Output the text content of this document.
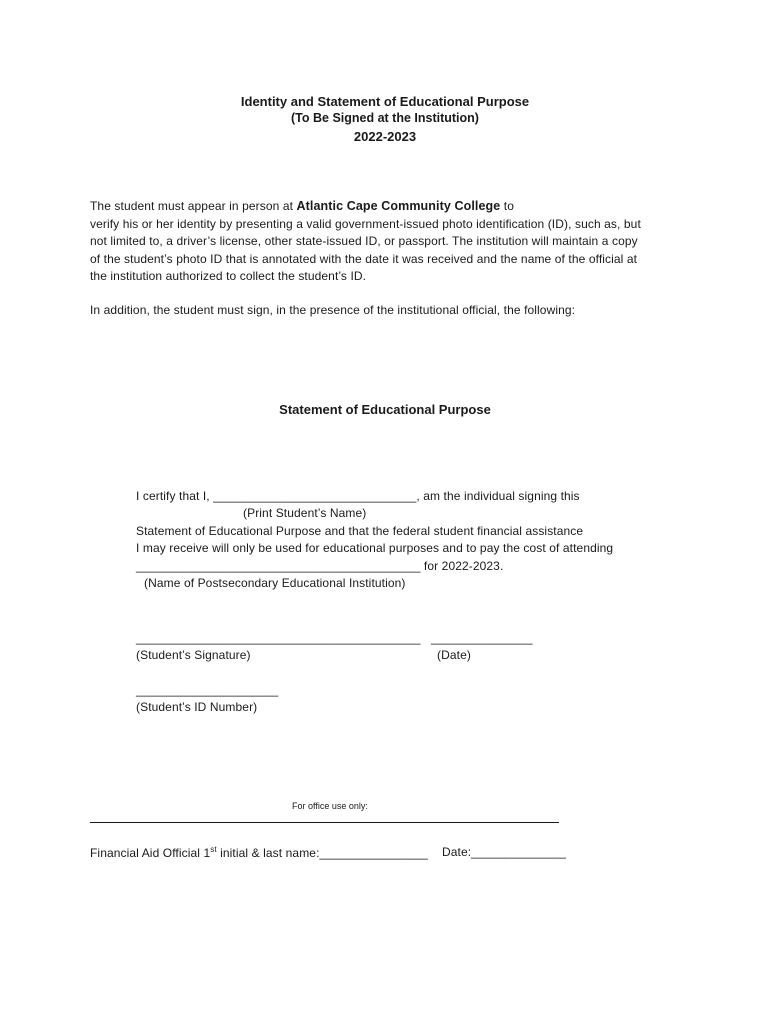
Identity and Statement of Educational Purpose
(To Be Signed at the Institution)
2022-2023
The student must appear in person at Atlantic Cape Community College to
verify his or her identity by presenting a valid government-issued photo identification (ID), such as, but
not limited to, a driver’s license, other state-issued ID, or passport. The institution will maintain a copy
of the student’s photo ID that is annotated with the date it was received and the name of the official at
the institution authorized to collect the student’s ID.
In addition, the student must sign, in the presence of the institutional official, the following:
Statement of Educational Purpose
I certify that I, ______________________________, am the individual signing this
(Print Student’s Name)
Statement of Educational Purpose and that the federal student financial assistance
I may receive will only be used for educational purposes and to pay the cost of attending
__________________________________________ for 2022-2023.
(Name of Postsecondary Educational Institution)
__________________________________________ _______________
(Student’s Signature)	(Date)
_____________________
(Student’s ID Number)
For office use only:
Financial Aid Official 1st initial & last name:________________ Date:______________
